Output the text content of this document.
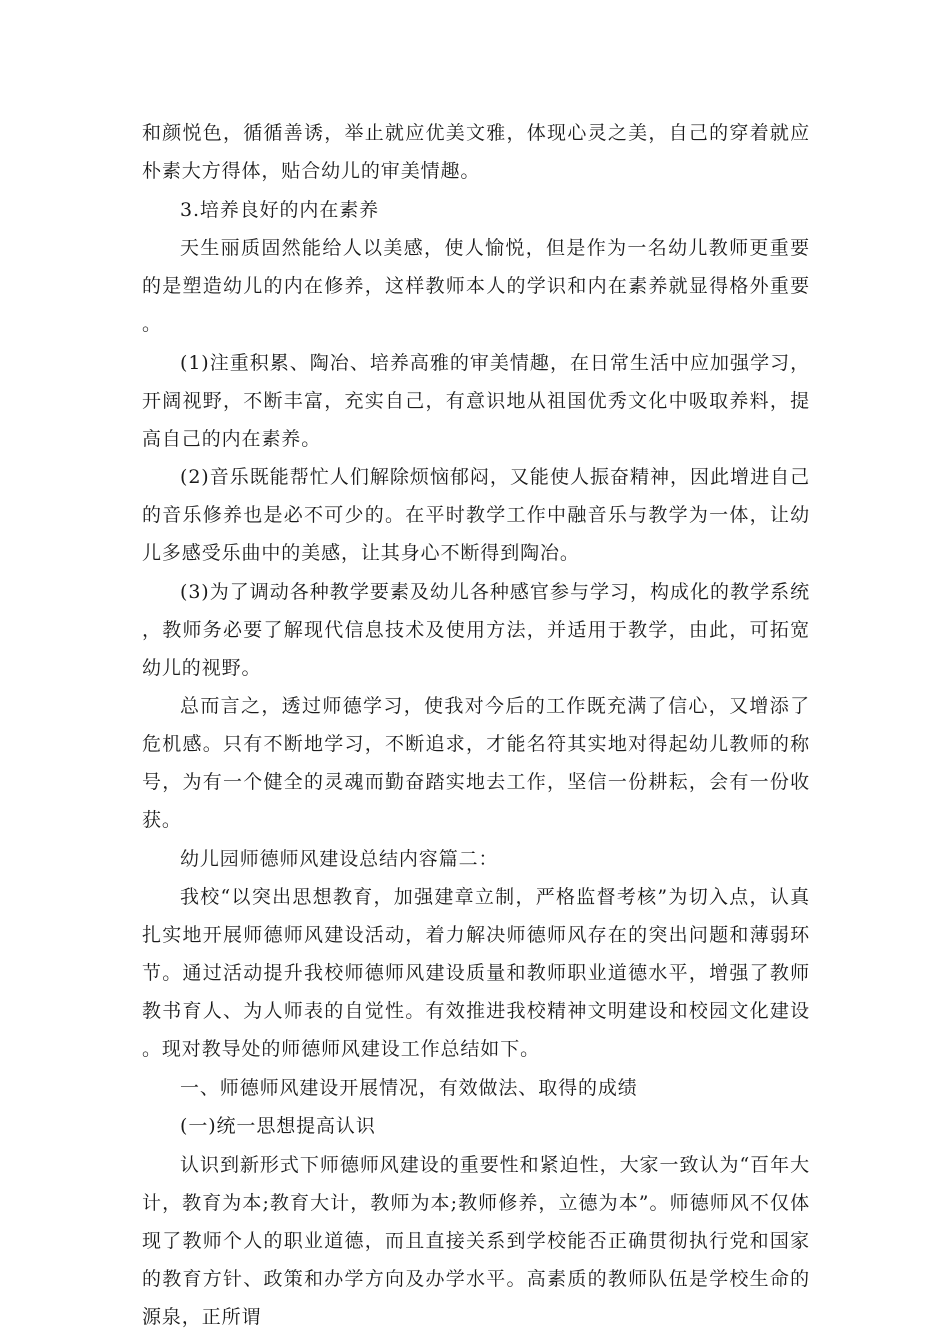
和颜悦色，循循善诱，举止就应优美文雅，体现心灵之美，自己的穿着就应朴素大方得体，贴合幼儿的审美情趣。

3.培养良好的内在素养

天生丽质固然能给人以美感，使人愉悦，但是作为一名幼儿教师更重要的是塑造幼儿的内在修养，这样教师本人的学识和内在素养就显得格外重要。

(1)注重积累、陶冶、培养高雅的审美情趣，在日常生活中应加强学习，开阔视野，不断丰富，充实自己，有意识地从祖国优秀文化中吸取养料，提高自己的内在素养。

(2)音乐既能帮忙人们解除烦恼郁闷，又能使人振奋精神，因此增进自己的音乐修养也是必不可少的。在平时教学工作中融音乐与教学为一体，让幼儿多感受乐曲中的美感，让其身心不断得到陶冶。

(3)为了调动各种教学要素及幼儿各种感官参与学习，构成化的教学系统，教师务必要了解现代信息技术及使用方法，并适用于教学，由此，可拓宽幼儿的视野。

总而言之，透过师德学习，使我对今后的工作既充满了信心，又增添了危机感。只有不断地学习，不断追求，才能名符其实地对得起幼儿教师的称号，为有一个健全的灵魂而勤奋踏实地去工作，坚信一份耕耘，会有一份收获。

幼儿园师德师风建设总结内容篇二：

我校“以突出思想教育，加强建章立制，严格监督考核”为切入点，认真扎实地开展师德师风建设活动，着力解决师德师风存在的突出问题和薄弱环节。通过活动提升我校师德师风建设质量和教师职业道德水平，增强了教师教书育人、为人师表的自觉性。有效推进我校精神文明建设和校园文化建设。现对教导处的师德师风建设工作总结如下。

一、师德师风建设开展情况，有效做法、取得的成绩

(一)统一思想提高认识

认识到新形式下师德师风建设的重要性和紧迫性，大家一致认为“百年大计，教育为本;教育大计，教师为本;教师修养，立德为本”。师德师风不仅体现了教师个人的职业道德，而且直接关系到学校能否正确贯彻执行党和国家的教育方针、政策和办学方向及办学水平。高素质的教师队伍是学校生命的源泉，正所谓
